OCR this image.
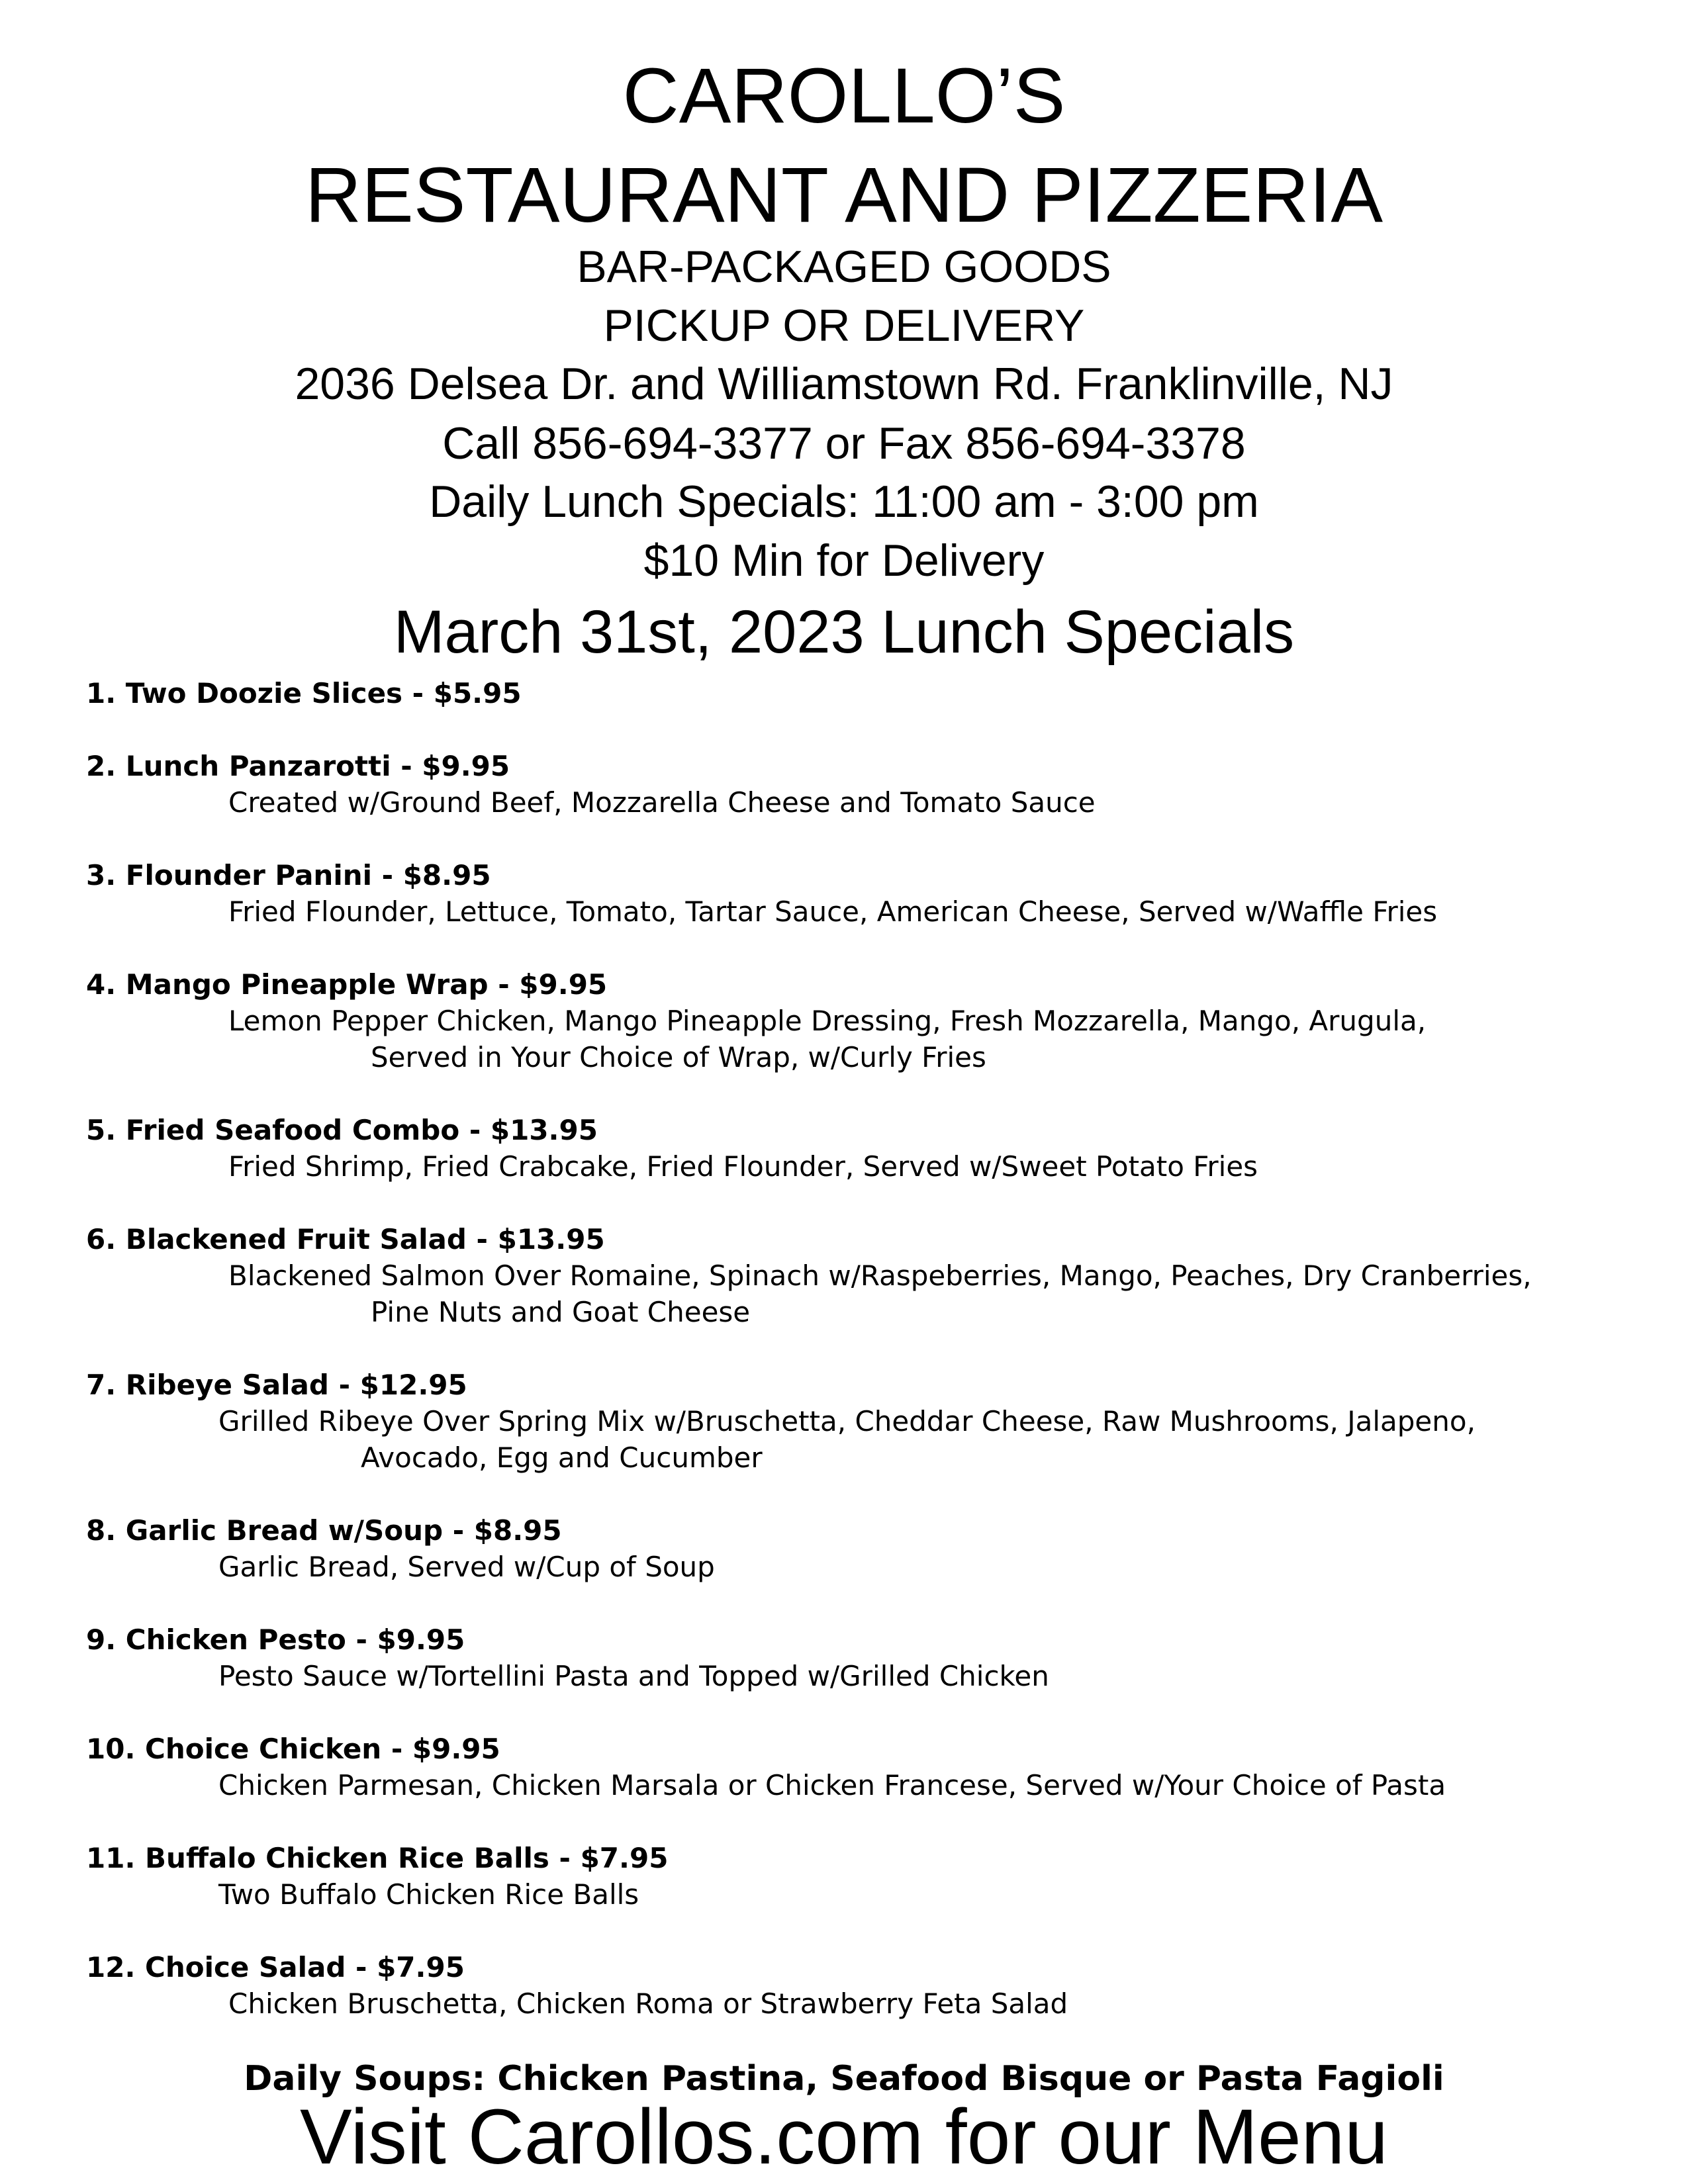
CAROLLO’S
RESTAURANT AND PIZZERIA
BAR-PACKAGED GOODS
PICKUP OR DELIVERY
2036 Delsea Dr. and Williamstown Rd. Franklinville, NJ
Call 856-694-3377 or Fax 856-694-3378
Daily Lunch Specials: 11:00 am - 3:00 pm
$10 Min for Delivery
March 31st, 2023 Lunch Specials
1. Two Doozie Slices - $5.95
2. Lunch Panzarotti - $9.95
Created w/Ground Beef, Mozzarella Cheese and Tomato Sauce
3. Flounder Panini - $8.95
Fried Flounder, Lettuce, Tomato, Tartar Sauce, American Cheese, Served w/Waffle Fries
4. Mango Pineapple Wrap - $9.95
Lemon Pepper Chicken, Mango Pineapple Dressing, Fresh Mozzarella, Mango, Arugula,
Served in Your Choice of Wrap, w/Curly Fries
5. Fried Seafood Combo - $13.95
Fried Shrimp, Fried Crabcake, Fried Flounder, Served w/Sweet Potato Fries
6. Blackened Fruit Salad - $13.95
Blackened Salmon Over Romaine, Spinach w/Raspeberries, Mango, Peaches, Dry Cranberries,
Pine Nuts and Goat Cheese
7. Ribeye Salad - $12.95
Grilled Ribeye Over Spring Mix w/Bruschetta, Cheddar Cheese, Raw Mushrooms, Jalapeno,
Avocado, Egg and Cucumber
8. Garlic Bread w/Soup - $8.95
Garlic Bread, Served w/Cup of Soup
9. Chicken Pesto - $9.95
Pesto Sauce w/Tortellini Pasta and Topped w/Grilled Chicken
10. Choice Chicken - $9.95
Chicken Parmesan, Chicken Marsala or Chicken Francese, Served w/Your Choice of Pasta
11. Buffalo Chicken Rice Balls - $7.95
Two Buffalo Chicken Rice Balls
12. Choice Salad - $7.95
Chicken Bruschetta, Chicken Roma or Strawberry Feta Salad
Daily Soups: Chicken Pastina, Seafood Bisque or Pasta Fagioli
Visit Carollos.com for our Menu
